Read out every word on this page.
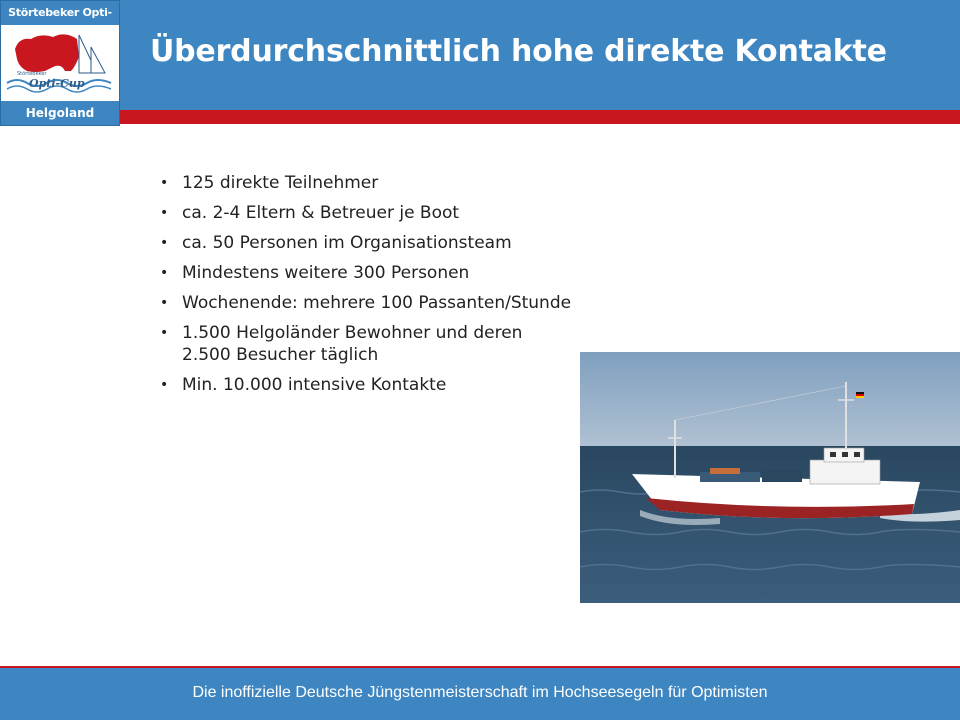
Störtebeker Opti-C
Störtebeker
Opti-Cup
Helgoland
Überdurchschnittlich hohe direkte Kontakte
• 125 direkte Teilnehmer
• ca. 2-4 Eltern & Betreuer je Boot
• ca. 50 Personen im Organisationsteam
• Mindestens weitere 300 Personen
• Wochenende: mehrere 100 Passanten/Stunde
• 1.500 Helgoländer Bewohner und deren 2.500 Besucher täglich
• Min. 10.000 intensive Kontakte
Die inoffizielle Deutsche Jüngstenmeisterschaft im Hochseesegeln für Optimisten
